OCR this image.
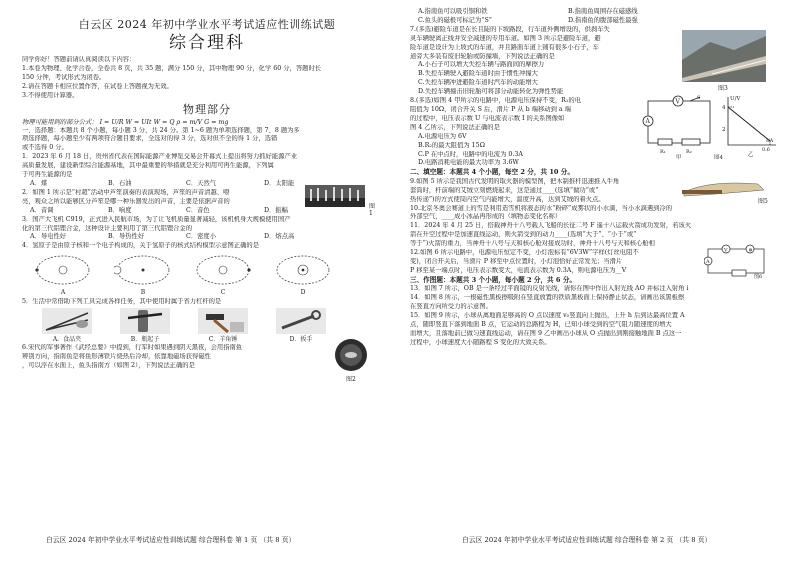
白云区 2024 年初中学业水平考试适应性训练试题
综合理科
同学你好！答题前请认真阅读以下内容：
1.本卷为物理、化学合卷，全卷共 8 页，共 35 题，满分 150 分，其中物理 90 分，化学 60 分，答题时长
150 分钟，考试形式为闭卷。
2.请在答题卡相应位置作答，在试卷上答题视为无效。
3.不得使用计算器。
物理部分
物理可能用到的部分公式： I = U/R W = UIt W = Q ρ = m/V G = mg
一、选择题：本题共 8 个小题，每小题 3 分，共 24 分。第 1~6 题为单项选择题，第 7、8 题为多
项选择题，每小题至少有两项符合题目要求，全选对的得 3 分，选对但不全的得 1 分，选错
或不选得 0 分。
1．2023 年 6 月 18 日，贵州省代表在国际能源产业博览交易会开幕式上提出将努力抓好能源产业
高质量发展，建设新型综合能源基地，其中最重要的举措就是充分利用可再生能源，下列属
于可再生能源的是
A．煤	B．石油	C．天然气	D．太阳能
2．如图 1 所示是“村超”活动中芦笙演奏的表演现场，芦笙的声音清越、嘹
亮，观众之所以能够区分芦笙是哪一种乐器发出的声音，主要是依据声音的
A．音调	B．响度	C．音色	D．振幅
图1
3．国产大飞机 C919，正式进入民航市场，为了让飞机质量显著减轻，该机机身大规模使用国产
化的第三代铝锂合金，这种设计主要利用了第三代铝锂合金的
A．导电性好	B．导热性好	C．密度小	D．熔点高
4．氢原子是由原子核和一个电子构成的，关于氢原子的核式结构模型示意图正确的是
A	B	C	D
5．生活中常借助下列工具完成各样任务，其中使用时属于省力杠杆的是
A．食品夹	B．瓶起子	C．羊角锤	D．扳手
6.宋代的军事著作《武经总要》中提到，行军时如果遇到阴天黑夜，会用指南鱼
辨别方向，指南鱼是将鱼形薄铁片烧热后冷却，依靠地磁场获得磁性
，可以浮在水面上，鱼头指南方（如图 2），下列说法正确的是
图2
白云区 2024 年初中学业水平考试适应性训练试题 综合理科卷 第 1 页 （共 8 页）
A.指南鱼可以吸引铜和铁	B.指南鱼周围存在磁感线
C.鱼头的磁极可标记为“S”	D.指南鱼的腹部磁性最强
7.(多选)避险车道是在长且陡的下坡路段，行车道外侧增设的，供刹车失
灵车辆驶离正线并安全减速的专用车道。如图 3 所示是避险车道，避
险车道是设计为上坡式的车道，并且路面车道上铺有很多小石子，车
道旁大多装有废旧轮胎或防撞墙，下列说法正确的是
A.小石子可以增大失控车辆与路面间的摩擦力
B.失控车辆驶入避险车道时由于惯性冲撞大
C.失控车辆冲进避险车道时汽车的动能增大
D.失控车辆撞击旧轮胎可将部分动能转化为弹性势能	图3
8.(多选)如图 4 甲所示的电路中，电源电压保持不变，R₁的电
阻值为 10Ω，闭合开关 S 后，滑片 P 从 b 端移动到 a 端
的过程中，电压表示数 U 与电流表示数 I 的关系图像如
图 4 乙所示，下列说法正确的是
A.电源电压为 6V
B.R₂的最大阻值为 15Ω
C.P 在中点时，电路中的电流为 0.3A
D.电路消耗电能的最大功率为 3.6W
A
V
S
R₁	R₂
U/V
4
2
0.6
I/A
甲	乙
图4
二、填空题：本题共 4 个小题，每空 2 分，共 10 分。
9.如图 5 所示是我国古代发明的取火器的模型图，把木制推杆迅速推入牛角
套筒时，杆前端的艾绒立刻燃烧起来，这是通过____(选填“做功”或“
热传递”)的方式使筒内空气内能增大，温度升高，达到艾绒的着火点。	图5
10.北京冬奥会赛道上的雪是利用造雪机将液态的水“粉碎”成雾状的小水滴，当小水滴遇到冷的
外部空气，____成小冰晶再形成的（填物态变化名称）
11．2024 年 4 月 25 日，搭载神舟十八号载人飞船的长征二号 F 遥十八运载火箭成功发射，若该火
箭在升空过程中是加速直线运动，则火箭受到的动力____(选填“大于”、“小于”或“
等于”)火箭的重力，当神舟十八号与天和核心舱对接成功时，神舟十八号与天和核心舱相
12.如图 6 所示电路中，电源电压恒定不变，小灯泡标有“6V3W”字样(灯丝电阻不
变)，闭合开关后，当滑片 P 移至中点位置时，小灯泡恰好正常发光；当滑片
P 移至某一端点时，电压表示数变大，电流表示数为 0.3A，则电源电压为__V
V	⊗
A
图6
三、作图题：本题共 3 个小题，每小题 2 分，共 6 分。
13．如图 7 所示，OB 是一条经过平面镜的反射光线，请你在图中作出入射光线 AO 并标注入射角 i
14．如图 8 所示，一根磁性黑板擦吸附在竖直放置的铁质黑板面上保持静止状态，请画出该黑板擦
在竖直方向所受力的示意图。
15．如图 9 所示，小球从离地面足够高的 O 点以速度 v₀竖直向上抛出，上升 h 后到达最高位置 A
点，随即竖直下落到地面 B 点，它运动的总路程为 H，已知小球受到的空气阻力随速度的增大
而增大，且落地前已做匀速直线运动，请在图 9 乙中画出小球从 O 点抛出到刚接触地面 B 点这一
过程中，小球速度大小随路程 S 变化的大致关系。
白云区 2024 年初中学业水平考试适应性训练试题 综合理科卷 第 2 页 （共 8 页）
